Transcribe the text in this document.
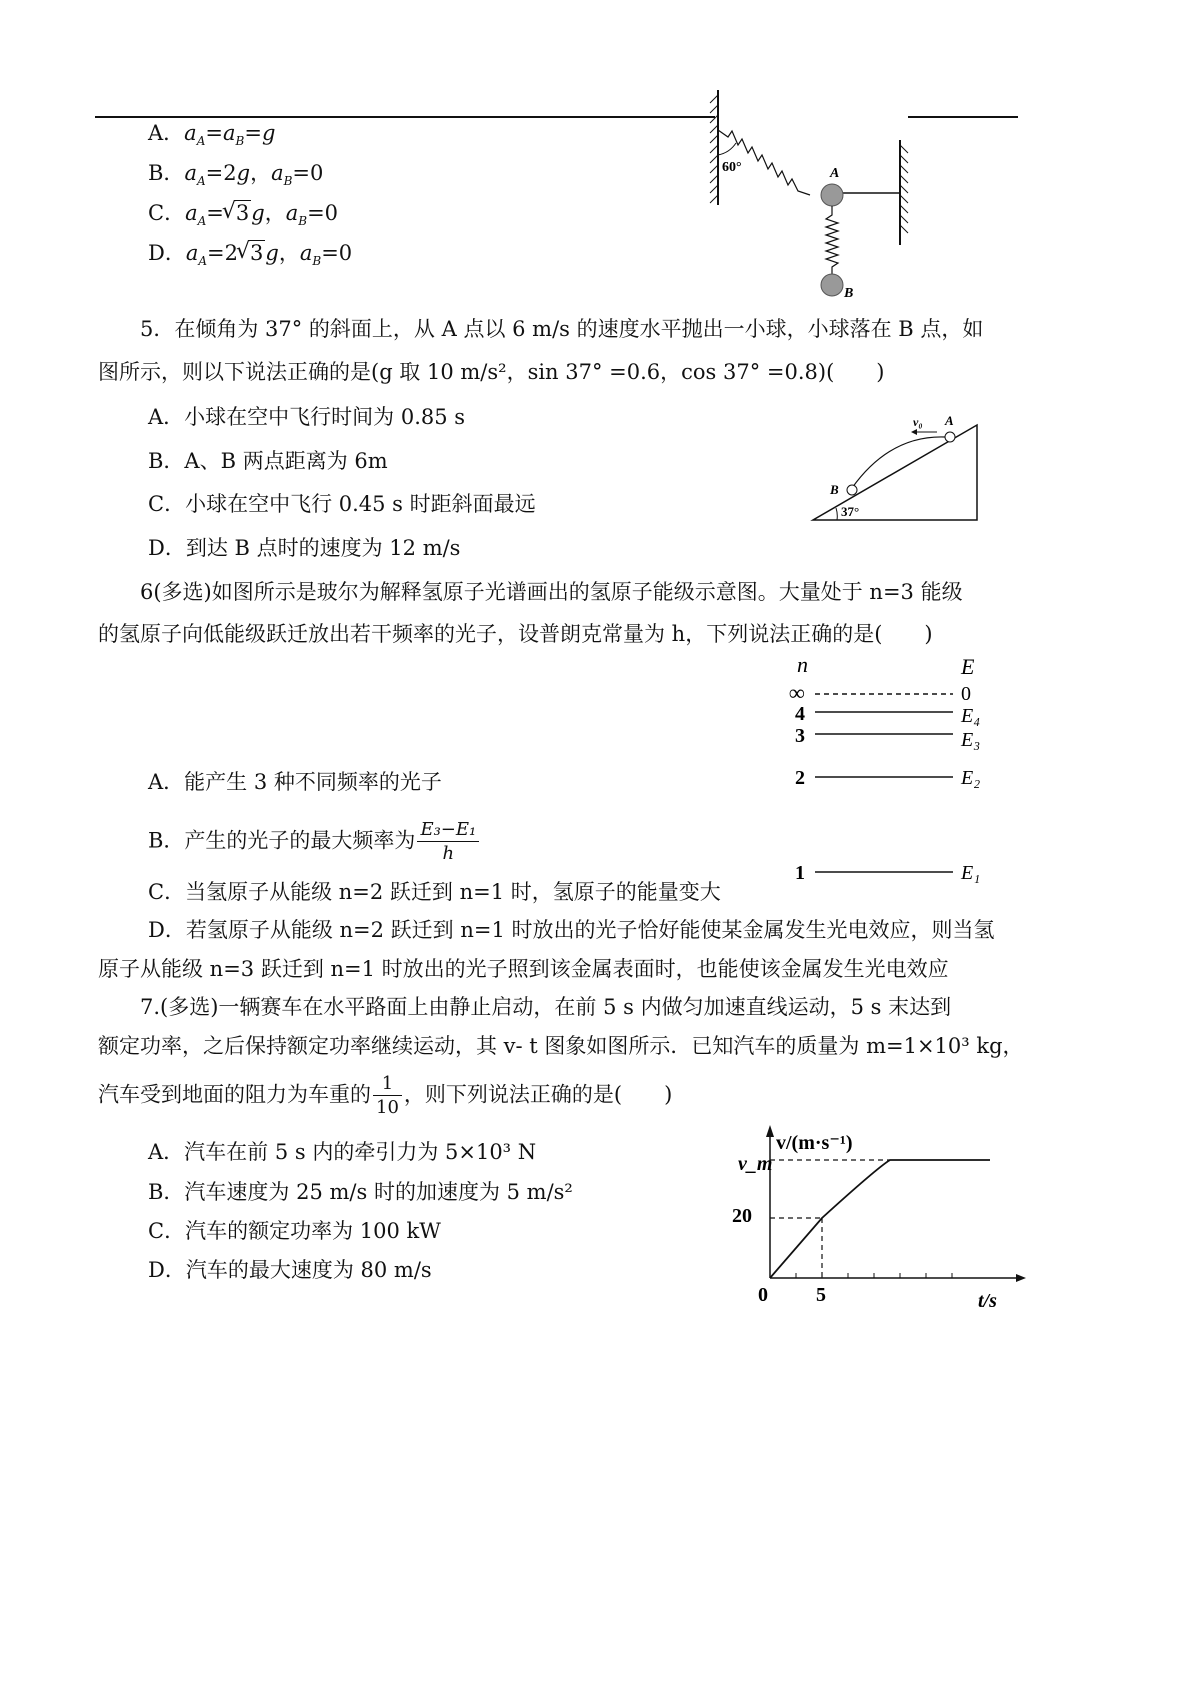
A．$a_A=a_B=g$
B．$a_A=2g$，$a_B=0$
C．$a_A=√$ 3g，$a_B=0$
D．$a_A=2√$ 3g，$a_B=0$
60°	A
B
5．在倾角为 37° 的斜面上，从 A 点以 6 m/s 的速度水平抛出一小球，小球落在 B 点，如
图所示，则以下说法正确的是(g 取 10 m/s²，sin 37° =0.6，cos 37° =0.8)(　　)
A．小球在空中飞行时间为 0.85 s
B．A、B 两点距离为 6m
C．小球在空中飞行 0.45 s 时距斜面最远
D．到达 B 点时的速度为 12 m/s
v₀ A
B
37°
6(多选)如图所示是玻尔为解释氢原子光谱画出的氢原子能级示意图。大量处于 n=3 能级
的氢原子向低能级跃迁放出若干频率的光子，设普朗克常量为 h，下列说法正确的是(　　)
A．能产生 3 种不同频率的光子
B．产生的光子的最大频率为 $\frac{\text{E₃−E₁}}{h}$
C．当氢原子从能级 n=2 跃迁到 n=1 时，氢原子的能量变大
D．若氢原子从能级 n=2 跃迁到 n=1 时放出的光子恰好能使某金属发生光电效应，则当氢
原子从能级 n=3 跃迁到 n=1 时放出的光子照到该金属表面时，也能使该金属发生光电效应
n	E
∞	0
4	E₄
3	E₃
2	E₂
1	E₁
7.(多选)一辆赛车在水平路面上由静止启动，在前 5 s 内做匀加速直线运动，5 s 末达到
额定功率，之后保持额定功率继续运动，其 v- t 图象如图所示．已知汽车的质量为 m=1×10³ kg，
汽车受到地面的阻力为车重的 $\frac{1}{10}$ ，则下列说法正确的是(　　)
A．汽车在前 5 s 内的牵引力为 5×10³ N
B．汽车速度为 25 m/s 时的加速度为 5 m/s²
C．汽车的额定功率为 100 kW
D．汽车的最大速度为 80 m/s
v/(m·s⁻¹)
t/s
0 5
20
v_m
